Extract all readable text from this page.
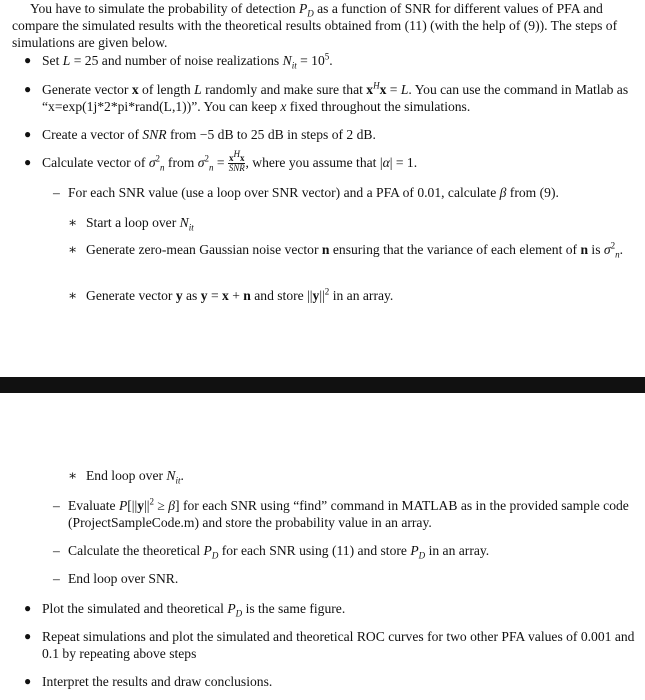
You have to simulate the probability of detection $P_D$ as a function of SNR for different values of PFA and compare the simulated results with the theoretical results obtained from (11) (with the help of (9)). The steps of simulations are given below.
● Set L = 25 and number of noise realizations $N_{it} = 10^5$.
● Generate vector x of length L randomly and make sure that $x^Hx = L$. You can use the command in Matlab as “x=exp(1j*2*pi*rand(L,1))”. You can keep x fixed throughout the simulations.
● Create a vector of SNR from −5 dB to 25 dB in steps of 2 dB.
● Calculate vector of $\sigma^2_n$ from $\sigma^2_n = \frac{x^Hx}{\text{SNR}}$ , where you assume that |α| = 1.
– For each SNR value (use a loop over SNR vector) and a PFA of 0.01, calculate β from (9).
∗ Start a loop over $N_{it}$
∗ Generate zero-mean Gaussian noise vector n ensuring that the variance of each element of n is $\sigma^2_n$.
∗ Generate vector y as y = x + n and store $||y||^2$ in an array.
∗ End loop over $N_{it}$.
– Evaluate $P[||y||^2 \ge \beta]$ for each SNR using “find” command in MATLAB as in the provided sample code (ProjectSampleCode.m) and store the probability value in an array.
– Calculate the theoretical $P_D$ for each SNR using (11) and store $P_D$ in an array.
– End loop over SNR.
● Plot the simulated and theoretical $P_D$ is the same figure.
● Repeat simulations and plot the simulated and theoretical ROC curves for two other PFA values of 0.001 and 0.1 by repeating above steps
● Interpret the results and draw conclusions.
